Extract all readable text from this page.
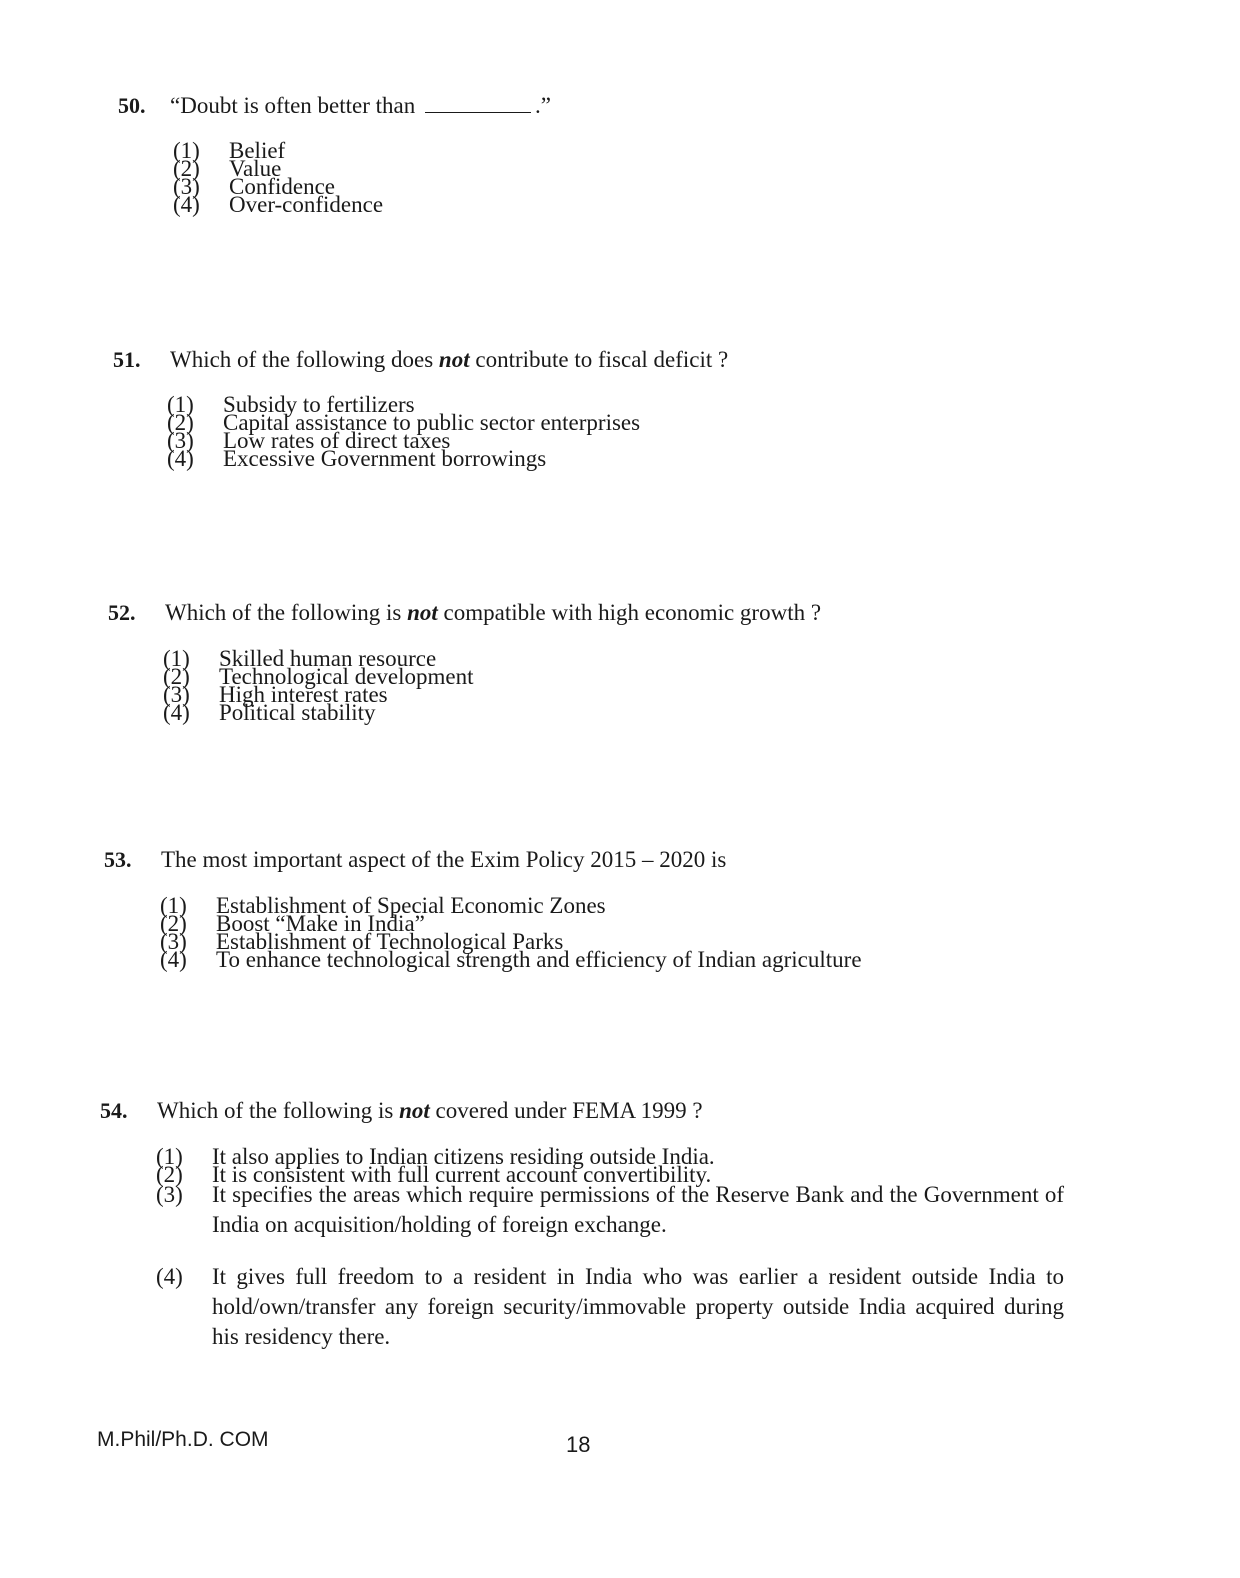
50. “Doubt is often better than	.”
(1)	Belief
(2)	Value
(3)	Confidence
(4)	Over-confidence
51. Which of the following does not contribute to fiscal deficit ?
(1)	Subsidy to fertilizers
(2)	Capital assistance to public sector enterprises
(3)	Low rates of direct taxes
(4)	Excessive Government borrowings
52. Which of the following is not compatible with high economic growth ?
(1)	Skilled human resource
(2)	Technological development
(3)	High interest rates
(4)	Political stability
53. The most important aspect of the Exim Policy 2015 – 2020 is
(1)	Establishment of Special Economic Zones
(2)	Boost “Make in India”
(3)	Establishment of Technological Parks
(4)	To enhance technological strength and efficiency of Indian agriculture
54. Which of the following is not covered under FEMA 1999 ?
(1)	It also applies to Indian citizens residing outside India.
(2)	It is consistent with full current account convertibility.
(3)	It specifies the areas which require permissions of the Reserve Bank and the Government of India on acquisition/holding of foreign exchange.
(4)	It gives full freedom to a resident in India who was earlier a resident outside India to hold/own/transfer any foreign security/immovable property outside India acquired during his residency there.
M.Phil/Ph.D. COM	18
